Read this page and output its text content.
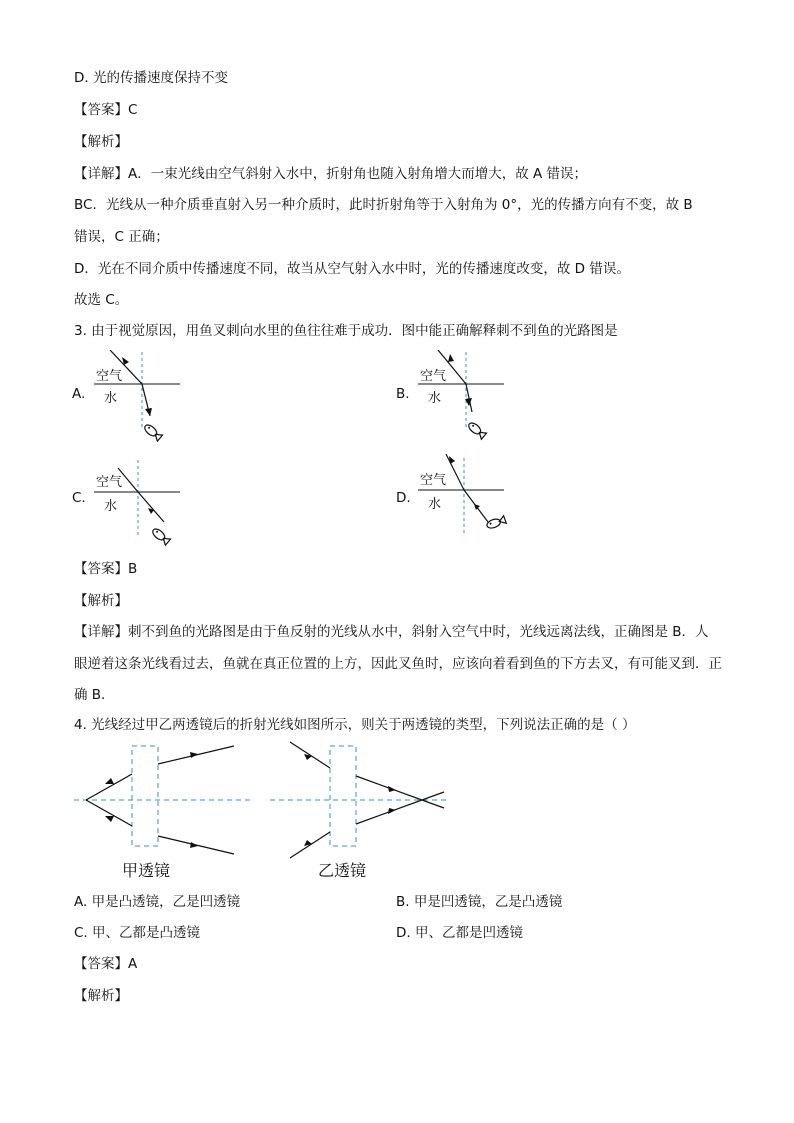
D. 光的传播速度保持不变
【答案】C
【解析】
【详解】A．一束光线由空气斜射入水中，折射角也随入射角增大而增大，故 A 错误；
BC．光线从一种介质垂直射入另一种介质时，此时折射角等于入射角为 0°，光的传播方向有不变，故 B
错误，C 正确；
D．光在不同介质中传播速度不同，故当从空气射入水中时，光的传播速度改变，故 D 错误。
故选 C。
3. 由于视觉原因，用鱼叉刺向水里的鱼往往难于成功．图中能正确解释刺不到鱼的光路图是
A.
空气
水	B.
空气
水
C.
空气
水
D.
空气
水
【答案】B
【解析】
【详解】刺不到鱼的光路图是由于鱼反射的光线从水中，斜射入空气中时，光线远离法线，正确图是 B．人
眼逆着这条光线看过去，鱼就在真正位置的上方，因此叉鱼时，应该向着看到鱼的下方去叉，有可能叉到．正
确 B．
4. 光线经过甲乙两透镜后的折射光线如图所示，则关于两透镜的类型，下列说法正确的是（ ）
甲透镜	乙透镜
A. 甲是凸透镜，乙是凹透镜	B. 甲是凹透镜，乙是凸透镜
C. 甲、乙都是凸透镜	D. 甲、乙都是凹透镜
【答案】A
【解析】
